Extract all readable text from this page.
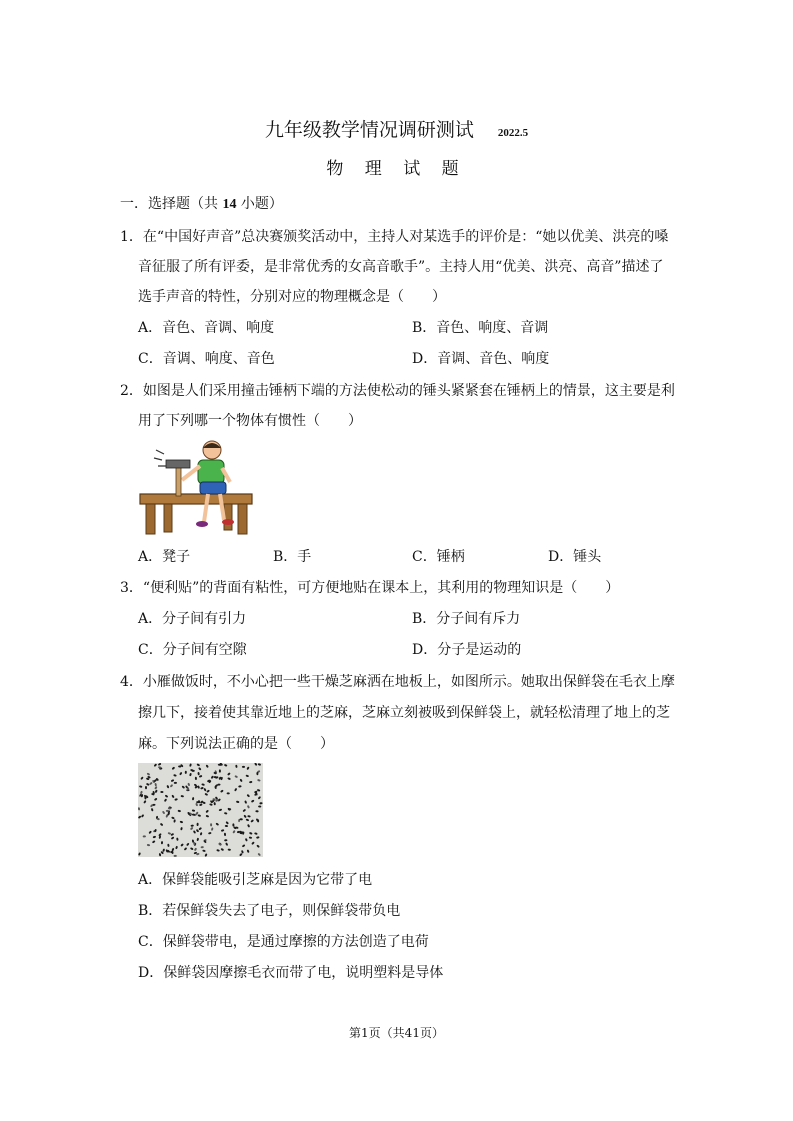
九年级教学情况调研测试 2022.5
物 理 试 题
一．选择题（共 14 小题）
1．在“中国好声音”总决赛颁奖活动中，主持人对某选手的评价是：“她以优美、洪亮的嗓
音征服了所有评委，是非常优秀的女高音歌手”。主持人用“优美、洪亮、高音”描述了
选手声音的特性，分别对应的物理概念是（　　）
A．音色、音调、响度	B．音色、响度、音调
C．音调、响度、音色	D．音调、音色、响度
2．如图是人们采用撞击锤柄下端的方法使松动的锤头紧紧套在锤柄上的情景，这主要是利
用了下列哪一个物体有惯性（　　）
A．凳子	B．手	C．锤柄	D．锤头
3．“便利贴”的背面有粘性，可方便地贴在课本上，其利用的物理知识是（　　）
A．分子间有引力	B．分子间有斥力
C．分子间有空隙	D．分子是运动的
4．小雁做饭时，不小心把一些干燥芝麻洒在地板上，如图所示。她取出保鲜袋在毛衣上摩
擦几下，接着使其靠近地上的芝麻，芝麻立刻被吸到保鲜袋上，就轻松清理了地上的芝
麻。下列说法正确的是（　　）
A．保鲜袋能吸引芝麻是因为它带了电
B．若保鲜袋失去了电子，则保鲜袋带负电
C．保鲜袋带电，是通过摩擦的方法创造了电荷
D．保鲜袋因摩擦毛衣而带了电，说明塑料是导体
第1页（共41页）
